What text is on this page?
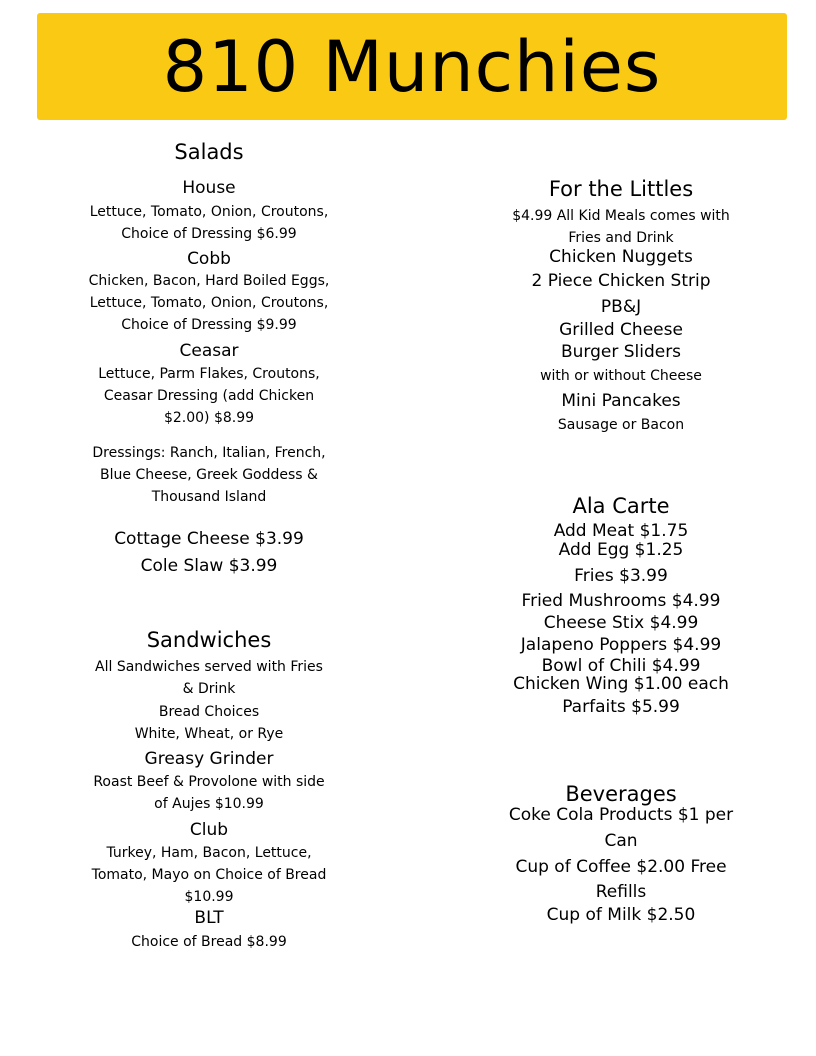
810 Munchies
Salads
House
Lettuce, Tomato, Onion, Croutons,
Choice of Dressing $6.99
Cobb
Chicken, Bacon, Hard Boiled Eggs,
Lettuce, Tomato, Onion, Croutons,
Choice of Dressing $9.99
Ceasar
Lettuce, Parm Flakes, Croutons,
Ceasar Dressing (add Chicken
$2.00) $8.99
Dressings: Ranch, Italian, French,
Blue Cheese, Greek Goddess &
Thousand Island
Cottage Cheese $3.99
Cole Slaw $3.99
Sandwiches
All Sandwiches served with Fries
& Drink
Bread Choices
White, Wheat, or Rye
Greasy Grinder
Roast Beef & Provolone with side
of Aujes $10.99
Club
Turkey, Ham, Bacon, Lettuce,
Tomato, Mayo on Choice of Bread
$10.99
BLT
Choice of Bread $8.99
For the Littles
$4.99 All Kid Meals comes with
Fries and Drink
Chicken Nuggets
2 Piece Chicken Strip
PB&J
Grilled Cheese
Burger Sliders
with or without Cheese
Mini Pancakes
Sausage or Bacon
Ala Carte
Add Meat $1.75
Add Egg $1.25
Fries $3.99
Fried Mushrooms $4.99
Cheese Stix $4.99
Jalapeno Poppers $4.99
Bowl of Chili $4.99
Chicken Wing $1.00 each
Parfaits $5.99
Beverages
Coke Cola Products $1 per
Can
Cup of Coffee $2.00 Free
Refills
Cup of Milk $2.50
